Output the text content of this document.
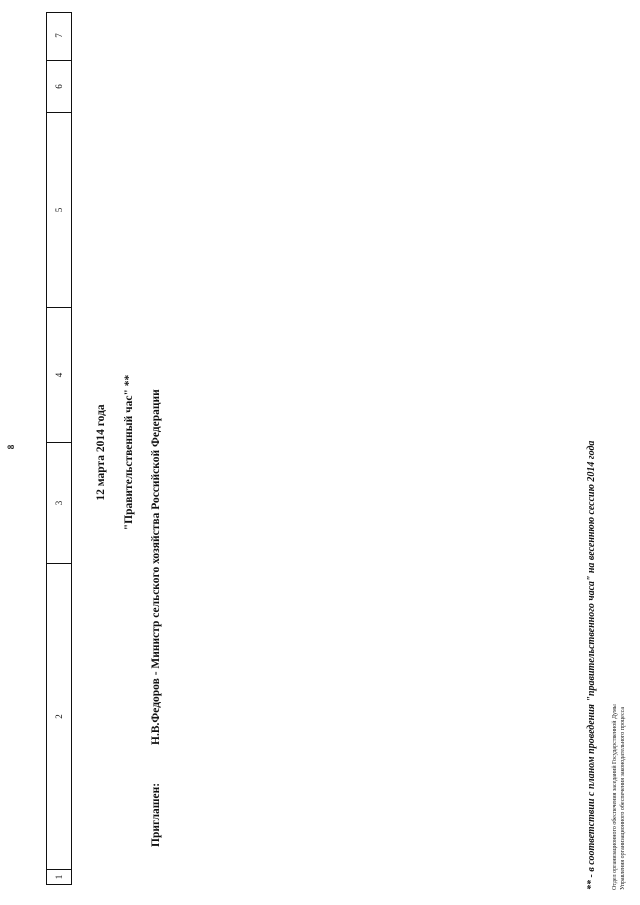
8
1
2
3
4
5
6
7
12 марта 2014 года "Правительственный час" **
Приглашен:Н.В.Федоров - Министр сельского хозяйства Российской Федерации	** - в соответствии с планом проведения "правительственного часа" на весеннюю сессию 2014 года	Отдел организационного обеспечения заседаний Государственной Думы Управления организационного обеспечения законодательного процесса
